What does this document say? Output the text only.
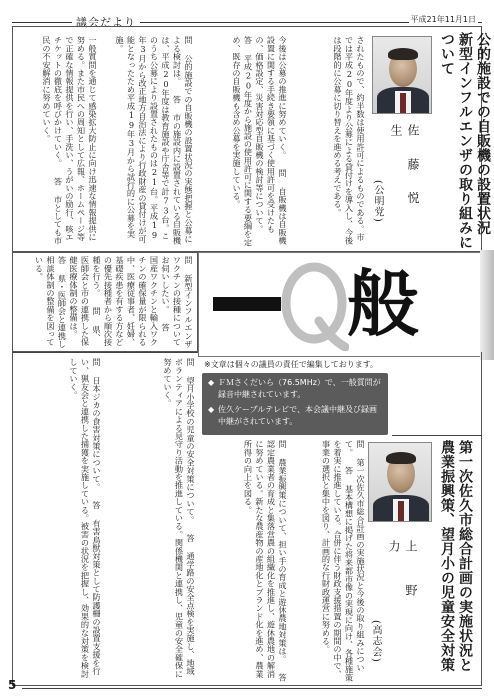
議会だより	平成21年11月1日
公的施設での自販機の設置状況
新型インフルエンザの取り組みについて
佐 藤 悦 生
(公明党)
されたもので、約半数は使用許可によるものである。市では平成20年度より公募による貸付けを導入し、今後は段階的に公募に切り替えを進める考えである。
今後は公募の推進に努めていく。 問 自販機は自販機設置に関する手続き要領に基づく使用許可を受けたもの、価格設定、災害対応型自販機の検討等について。 答 平成20年度から施設の使用許可に関する要綱を定め、既存の自販機も含め公募を実施している。
問 公的施設での自販機の設置状況の実態把握と公募による検討は。 答 市の施設内に設置されている自販機は、平成20年度は教育施設や庁舎等で計73台。このうち公募により設置されたものは21台。平成19年3月から改正地方自治法により行政財産の貸付けが可能となったため平成19年3月から試行的に公募を実施。
一般質問を通じて感染拡大防止に向け迅速な情報提供に努める。また市民への周知として広報、ホームページ等で正確な情報提供を行い、手洗い、うがいの励行、咳エチケットの徹底を呼びかけていく。 答 市としても市民の不安解消に努めていく。
問 新型インフルエンザワクチンの接種についてお伺いしたい。 答 国産ワクチンと輸入ワクチンの確保量が限られる中、医療従事者、妊婦、基礎疾患を有する方などの優先接種者から順次接種を行う。 問 県、医師会と市の連携した保健医療体制の整備は。 答 県・医師会と連携し相談体制の整備を図っている。	般
※文章は個々の議員の責任で編集しております。
◆ ＦＭさくだいら（76.5MHz）で、一般質問が録音中継されています。
◆ 佐久ケーブルテレビで、本会議中継及び録画中継がされています。
第一次佐久市総合計画の実施状況と
農業振興策、望月小の児童安全対策
上 野 力
(高志会)
問 第一次佐久市総合計画の実施状況と今後の取り組みについて。 答 基本構想に掲げた将来都市像の実現に向け、各種施策を着実に推進している。合併に伴う財政支援措置の期間の中で、事業の選択と集中を図り、計画的な行財政運営に努める。
問 農業振興策について、担い手の育成と遊休農地対策は。 答 認定農業者の育成と集落営農の組織化を推進し、遊休農地の解消に努めている。新たな農産物の産地化とブランド化を進め、農業所得の向上を図る。
問 望月小学校の児童の安全対策について。 答 通学路の安全点検を実施し、地域ボランティアによる見守り活動を推進している。関係機関と連携し、児童の安全確保に努めていく。
問 日本ジカの食害対策について。 答 有害鳥獣対策として防護柵の設置支援を行い、猟友会と連携した捕獲を実施している。被害の状況を把握し、効果的な対策を検討していく。
5
